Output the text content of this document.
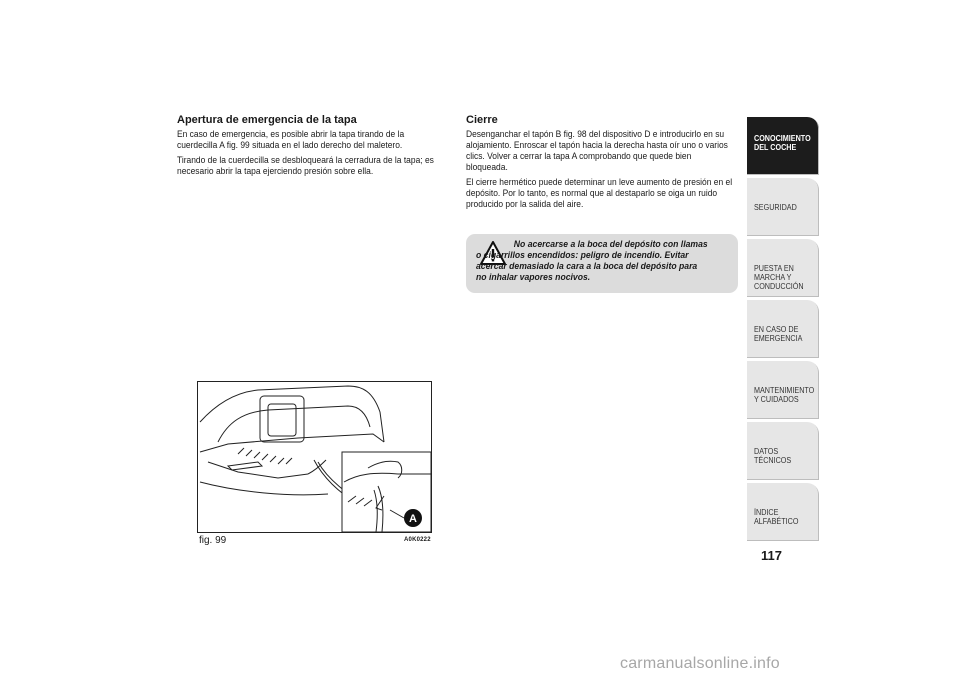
Apertura de emergencia de la tapa

En caso de emergencia, es posible abrir la tapa tirando de la cuerdecilla A fig. 99 situada en el lado derecho del maletero.

Tirando de la cuerdecilla se desbloqueará la cerradura de la tapa; es necesario abrir la tapa ejerciendo presión sobre ella.

Cierre

Desenganchar el tapón B fig. 98 del dispositivo D e introducirlo en su alojamiento. Enroscar el tapón hacia la derecha hasta oír uno o varios clics. Volver a cerrar la tapa A comprobando que quede bien bloqueada.

El cierre hermético puede determinar un leve aumento de presión en el depósito. Por lo tanto, es normal que al destaparlo se oiga un ruido producido por la salida del aire.

No acercarse a la boca del depósito con llamas o cigarrillos encendidos: peligro de incendio. Evitar acercar demasiado la cara a la boca del depósito para no inhalar vapores nocivos.
A
fig. 99	A0K0222
CONOCIMIENTO DEL COCHE
SEGURIDAD
PUESTA EN MARCHA Y CONDUCCIÓN
EN CASO DE EMERGENCIA
MANTENIMIENTO Y CUIDADOS
DATOS TÉCNICOS
ÍNDICE ALFABÉTICO
117
carmanualsonline.info
